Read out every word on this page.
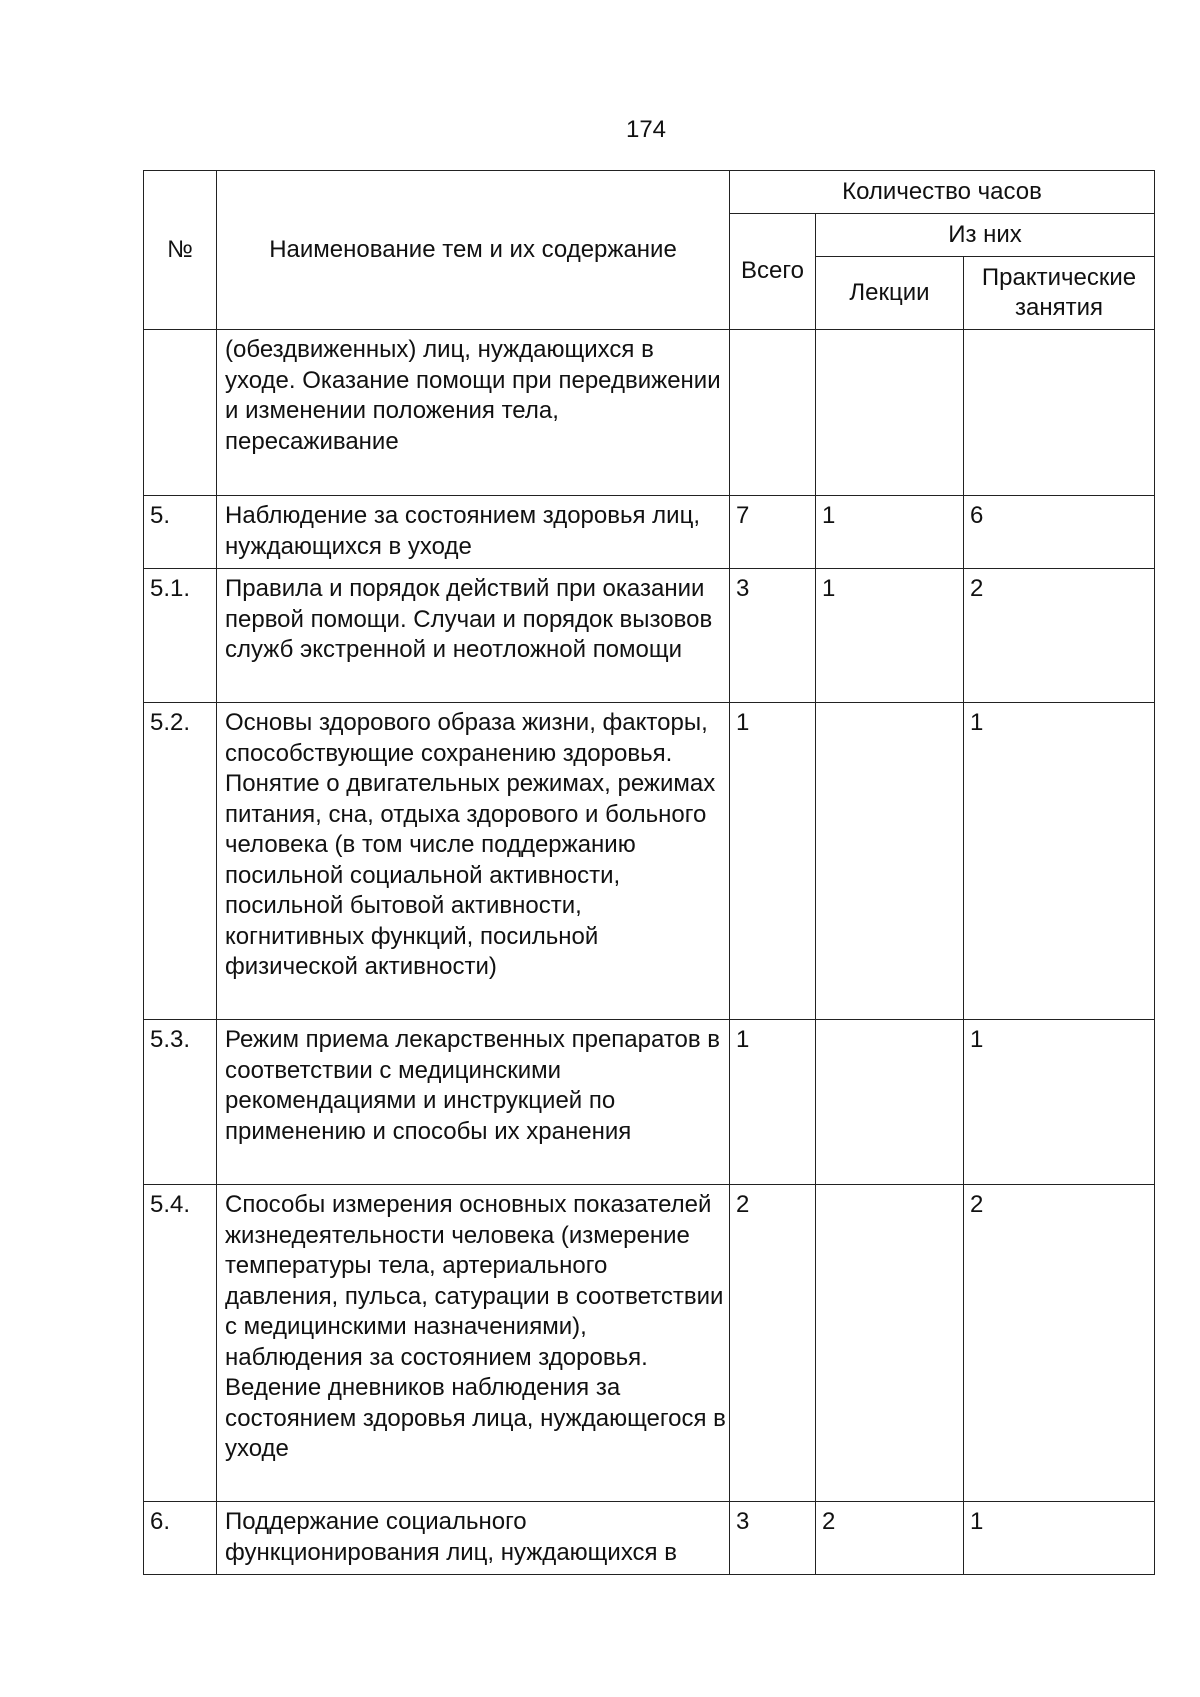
174
№	Наименование тем и их содержание	Количество часов		
		Всего	Из них	
			Лекции	Практические занятия
	(обездвиженных) лиц, нуждающихся в уходе. Оказание помощи при передвижении и изменении положения тела, пересаживание			
5.	Наблюдение за состоянием здоровья лиц, нуждающихся в уходе	7	1	6
5.1.	Правила и порядок действий при оказании первой помощи. Случаи и порядок вызовов служб экстренной и неотложной помощи	3	1	2
5.2.	Основы здорового образа жизни, факторы, способствующие сохранению здоровья. Понятие о двигательных режимах, режимах питания, сна, отдыха здорового и больного человека (в том числе поддержанию посильной социальной активности, посильной бытовой активности, когнитивных функций, посильной физической активности)	1		1
5.3.	Режим приема лекарственных препаратов в соответствии с медицинскими рекомендациями и инструкцией по применению и способы их хранения	1		1
5.4.	Способы измерения основных показателей жизнедеятельности человека (измерение температуры тела, артериального давления, пульса, сатурации в соответствии с медицинскими назначениями), наблюдения за состоянием здоровья. Ведение дневников наблюдения за состоянием здоровья лица, нуждающегося в уходе	2		2
6.	Поддержание социального функционирования лиц, нуждающихся в	3	2	1
